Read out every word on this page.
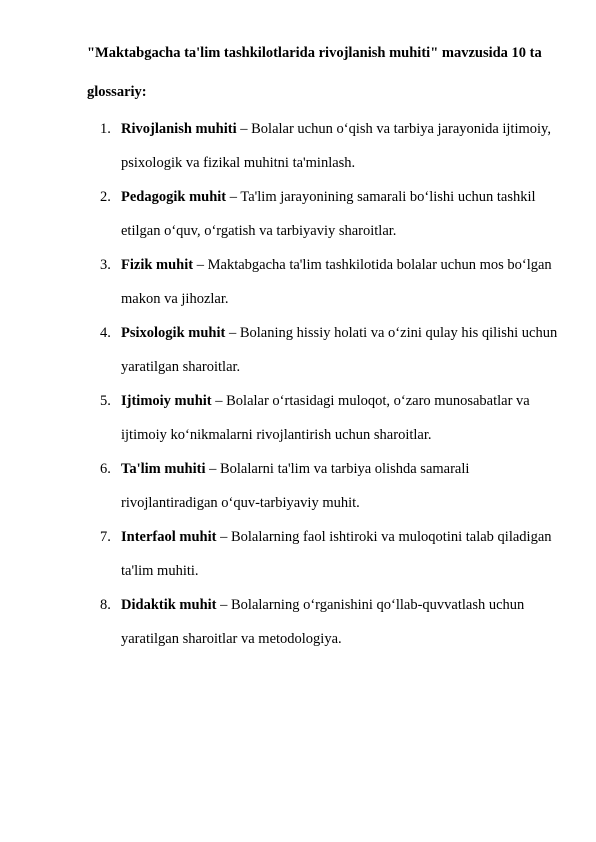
"Maktabgacha ta'lim tashkilotlarida rivojlanish muhiti" mavzusida 10 ta glossariy:

1. Rivojlanish muhiti – Bolalar uchun o‘qish va tarbiya jarayonida ijtimoiy, psixologik va fizikal muhitni ta'minlash.
2. Pedagogik muhit – Ta'lim jarayonining samarali bo‘lishi uchun tashkil etilgan o‘quv, o‘rgatish va tarbiyaviy sharoitlar.
3. Fizik muhit – Maktabgacha ta'lim tashkilotida bolalar uchun mos bo‘lgan makon va jihozlar.
4. Psixologik muhit – Bolaning hissiy holati va o‘zini qulay his qilishi uchun yaratilgan sharoitlar.
5. Ijtimoiy muhit – Bolalar o‘rtasidagi muloqot, o‘zaro munosabatlar va ijtimoiy ko‘nikmalarni rivojlantirish uchun sharoitlar.
6. Ta'lim muhiti – Bolalarni ta'lim va tarbiya olishda samarali rivojlantiradigan o‘quv-tarbiyaviy muhit.
7. Interfaol muhit – Bolalarning faol ishtiroki va muloqotini talab qiladigan ta'lim muhiti.
8. Didaktik muhit – Bolalarning o‘rganishini qo‘llab-quvvatlash uchun yaratilgan sharoitlar va metodologiya.
